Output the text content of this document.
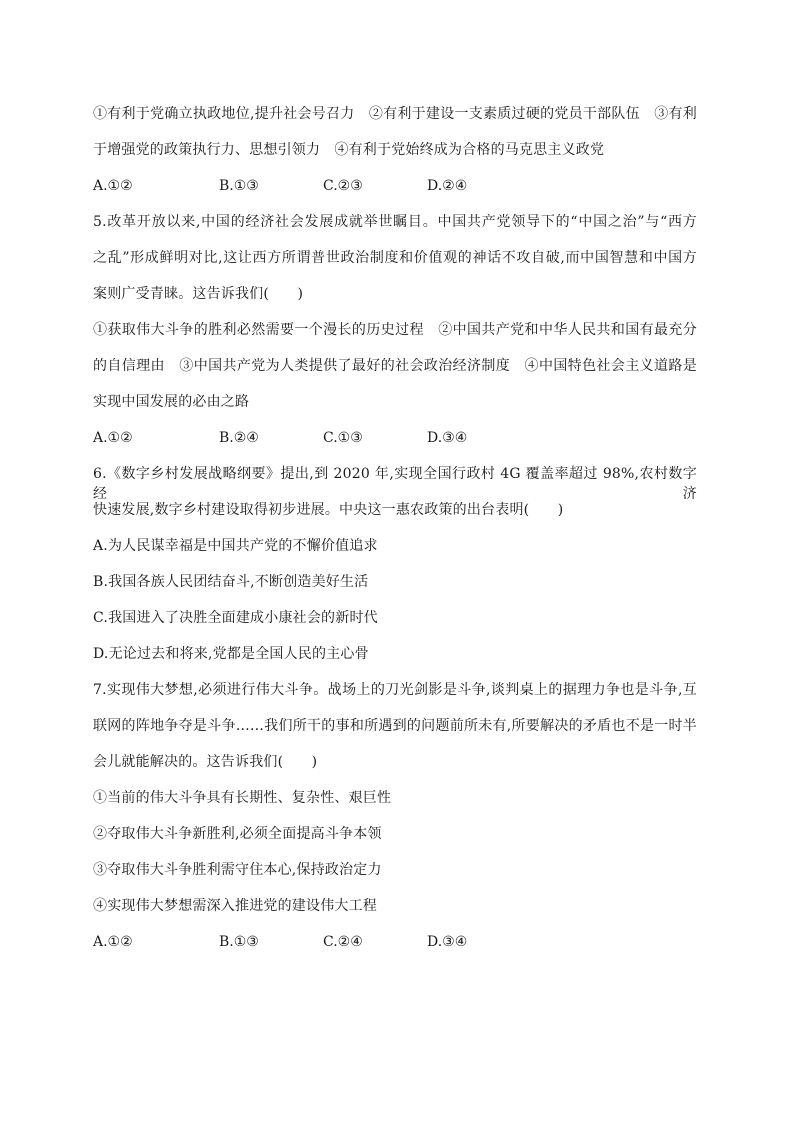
①有利于党确立执政地位,提升社会号召力　②有利于建设一支素质过硬的党员干部队伍　③有利
于增强党的政策执行力、思想引领力　④有利于党始终成为合格的马克思主义政党
A.①②	B.①③	C.②③	D.②④
5.改革开放以来,中国的经济社会发展成就举世瞩目。中国共产党领导下的“中国之治”与“西方
之乱”形成鲜明对比,这让西方所谓普世政治制度和价值观的神话不攻自破,而中国智慧和中国方
案则广受青睐。这告诉我们(　　)
①获取伟大斗争的胜利必然需要一个漫长的历史过程　②中国共产党和中华人民共和国有最充分
的自信理由　③中国共产党为人类提供了最好的社会政治经济制度　④中国特色社会主义道路是
实现中国发展的必由之路
A.①②	B.②④	C.①③	D.③④
6.《数字乡村发展战略纲要》提出,到 2020 年,实现全国行政村 4G 覆盖率超过 98%,农村数字经济
快速发展,数字乡村建设取得初步进展。中央这一惠农政策的出台表明(　　)
A.为人民谋幸福是中国共产党的不懈价值追求
B.我国各族人民团结奋斗,不断创造美好生活
C.我国进入了决胜全面建成小康社会的新时代
D.无论过去和将来,党都是全国人民的主心骨
7.实现伟大梦想,必须进行伟大斗争。战场上的刀光剑影是斗争,谈判桌上的据理力争也是斗争,互
联网的阵地争夺是斗争……我们所干的事和所遇到的问题前所未有,所要解决的矛盾也不是一时半
会儿就能解决的。这告诉我们(　　)
①当前的伟大斗争具有长期性、复杂性、艰巨性
②夺取伟大斗争新胜利,必须全面提高斗争本领
③夺取伟大斗争胜利需守住本心,保持政治定力
④实现伟大梦想需深入推进党的建设伟大工程
A.①②	B.①③	C.②④	D.③④
